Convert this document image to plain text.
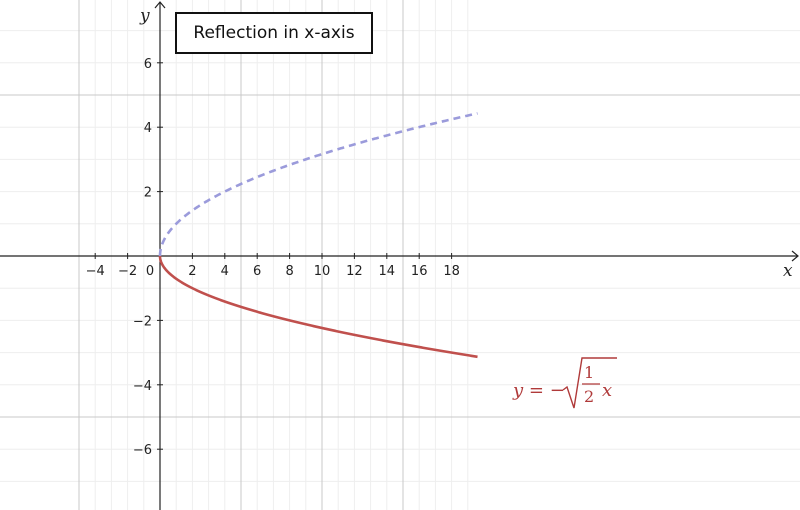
−4 −2 0	2 4 6 8 10 12 14 16 18
−6
−4
−2
2
4
6
x
y
y = −
1
2 x
Reflection in x-axis
